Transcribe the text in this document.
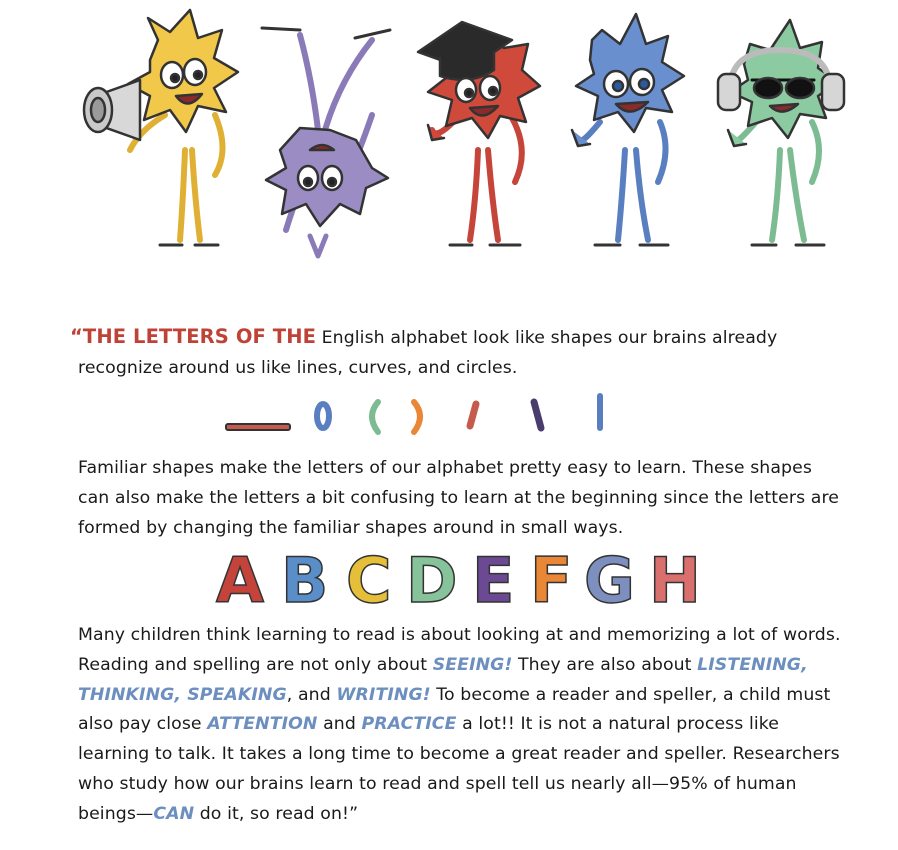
“THE LETTERS OF THE English alphabet look like shapes our brains already recognize around us like lines, curves, and circles.
Familiar shapes make the letters of our alphabet pretty easy to learn. These shapes can also make the letters a bit confusing to learn at the beginning since the letters are formed by changing the familiar shapes around in small ways.
A B C D E F G H
Many children think learning to read is about looking at and memorizing a lot of words. Reading and spelling are not only about SEEING! They are also about LISTENING, THINKING, SPEAKING, and WRITING! To become a reader and speller, a child must also pay close ATTENTION and PRACTICE a lot!! It is not a natural process like learning to talk. It takes a long time to become a great reader and speller. Researchers who study how our brains learn to read and spell tell us nearly all—95% of human beings—CAN do it, so read on!”
